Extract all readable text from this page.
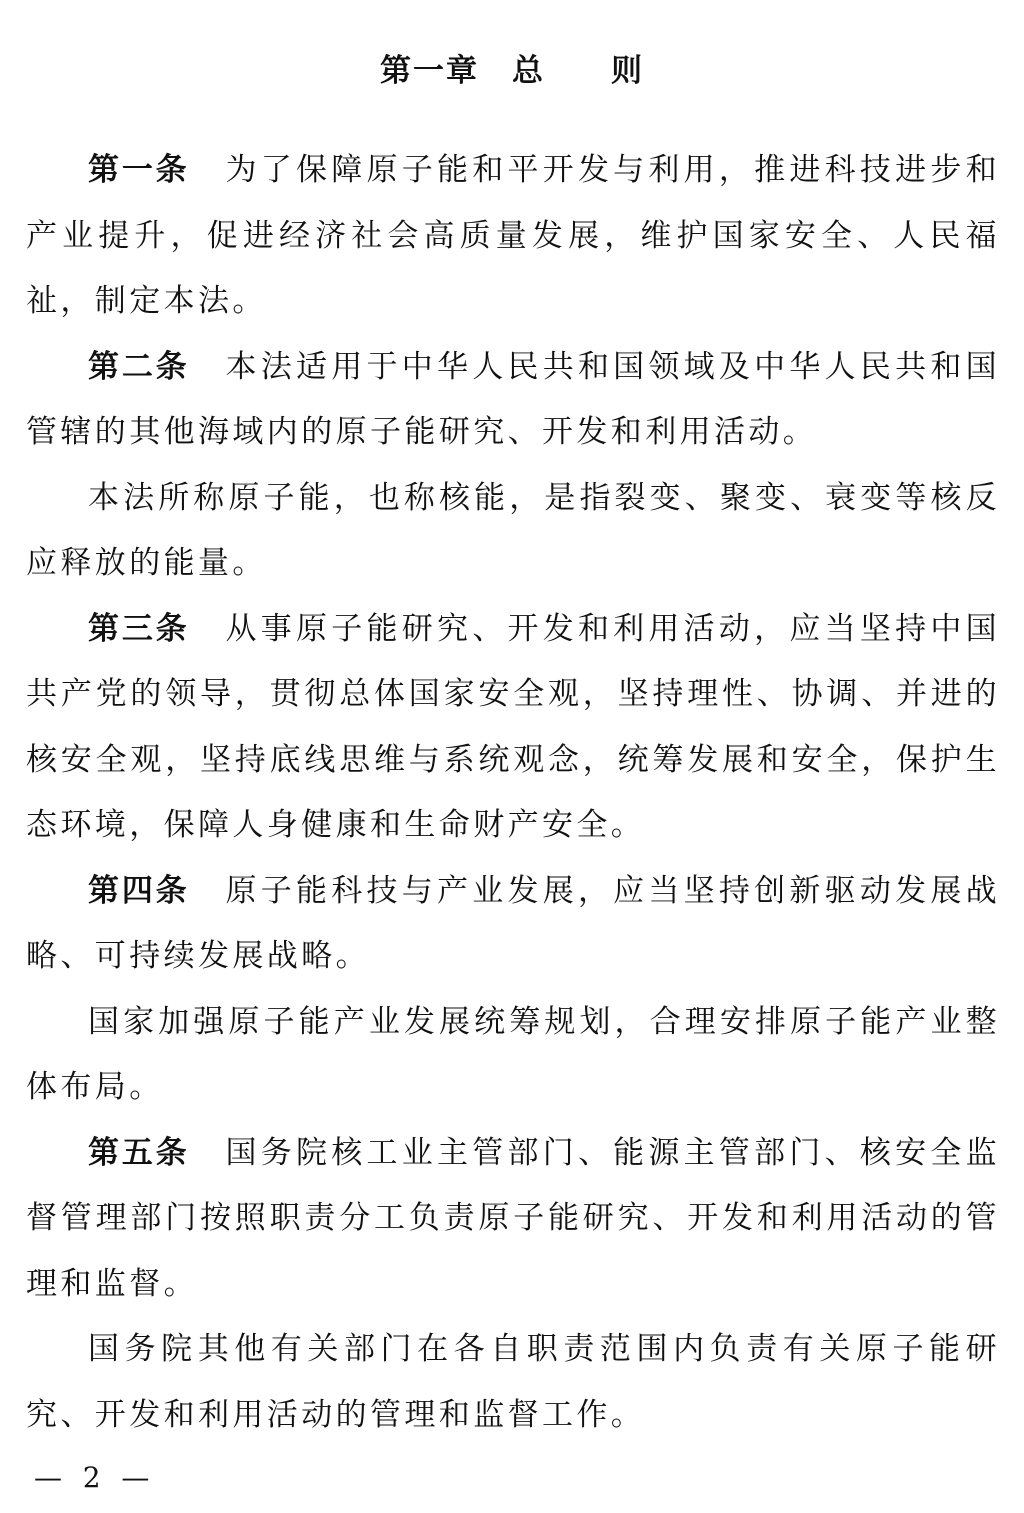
第一章　总　　则

第一条 为了保障原子能和平开发与利用，推进科技进步和产业提升，促进经济社会高质量发展，维护国家安全、人民福祉，制定本法。

第二条 本法适用于中华人民共和国领域及中华人民共和国管辖的其他海域内的原子能研究、开发和利用活动。

本法所称原子能，也称核能，是指裂变、聚变、衰变等核反应释放的能量。

第三条 从事原子能研究、开发和利用活动，应当坚持中国共产党的领导，贯彻总体国家安全观，坚持理性、协调、并进的核安全观，坚持底线思维与系统观念，统筹发展和安全，保护生态环境，保障人身健康和生命财产安全。

第四条 原子能科技与产业发展，应当坚持创新驱动发展战略、可持续发展战略。

国家加强原子能产业发展统筹规划，合理安排原子能产业整体布局。

第五条 国务院核工业主管部门、能源主管部门、核安全监督管理部门按照职责分工负责原子能研究、开发和利用活动的管理和监督。

国务院其他有关部门在各自职责范围内负责有关原子能研究、开发和利用活动的管理和监督工作。

—  2  —
